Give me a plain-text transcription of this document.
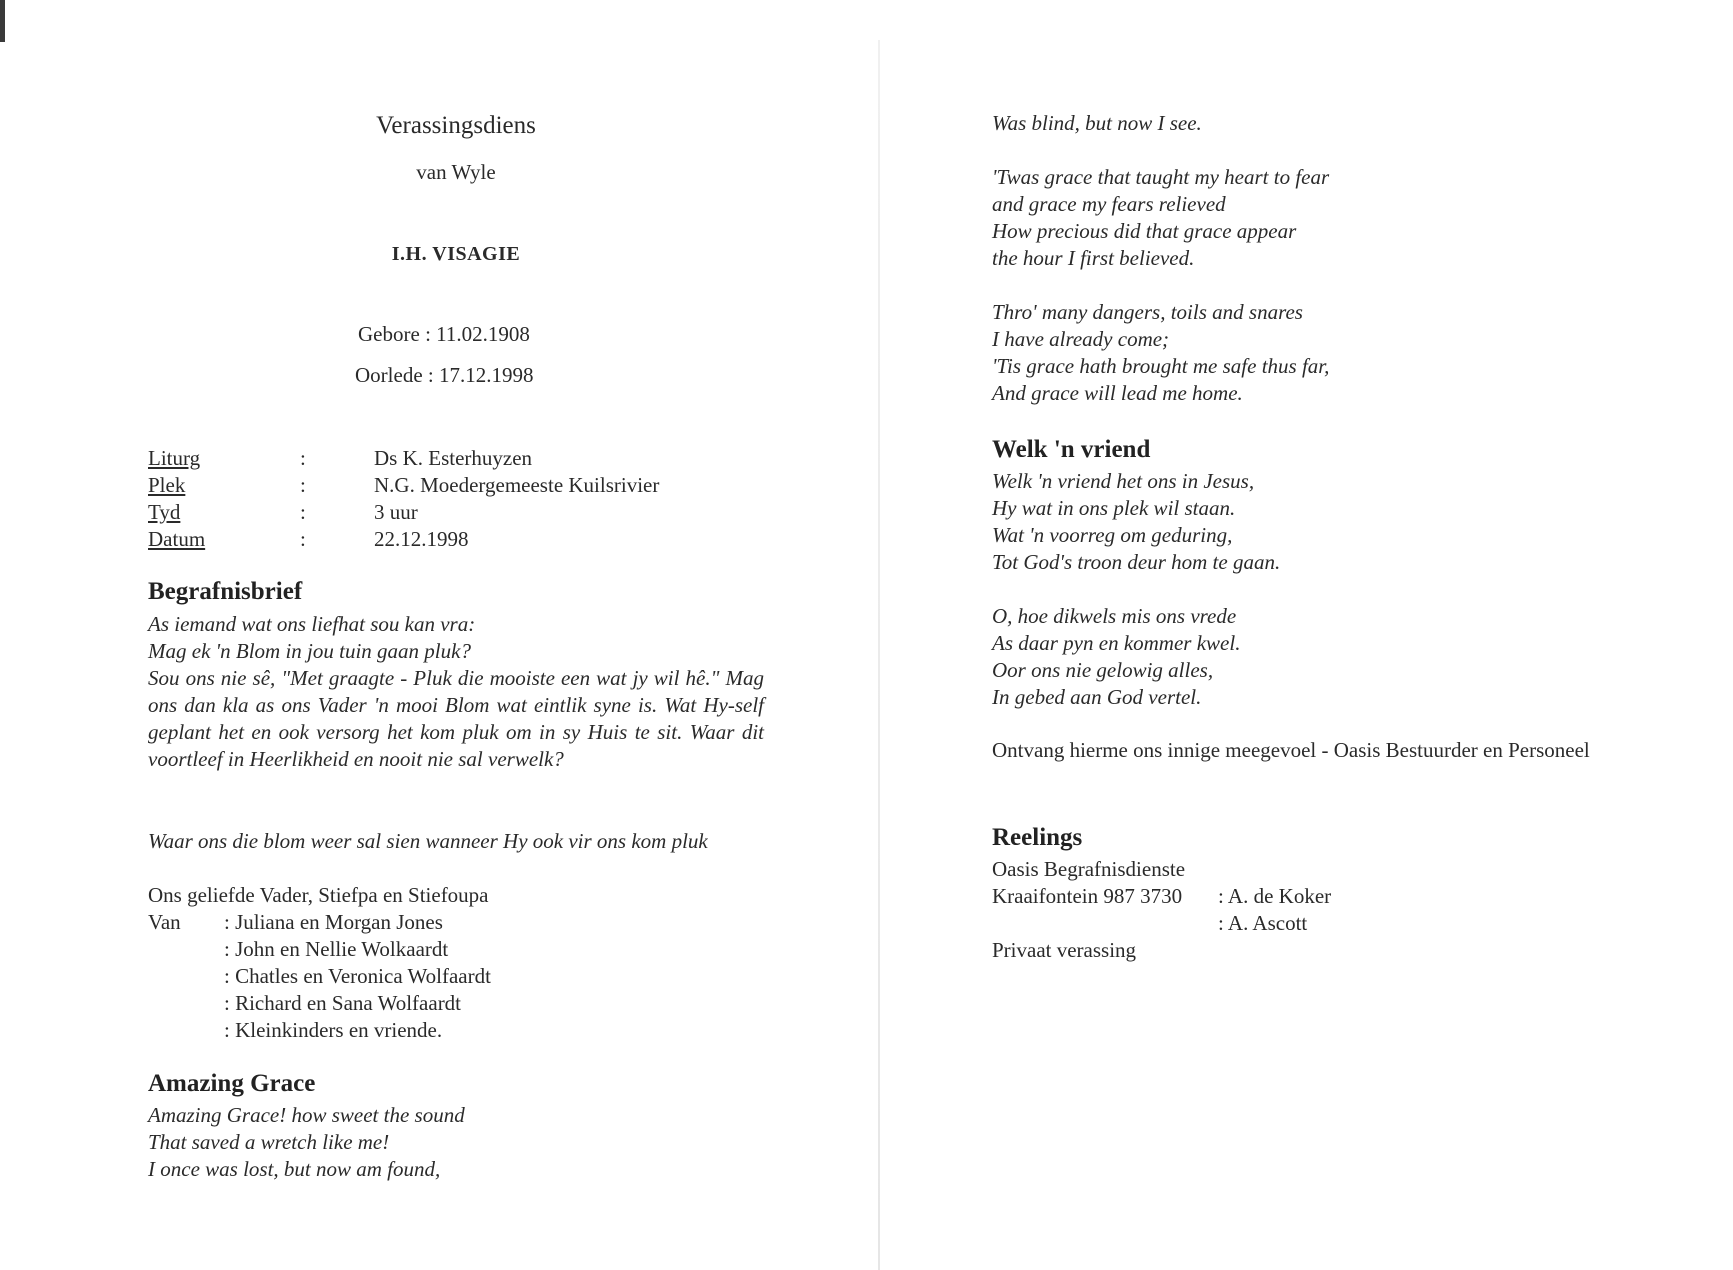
Verassingsdiens
van Wyle
I.H. VISAGIE
Gebore : 11.02.1908
Oorlede : 17.12.1998
Liturg	:	Ds K. Esterhuyzen
Plek	:	N.G. Moedergemeeste Kuilsrivier
Tyd	:	3 uur
Datum	:	22.12.1998
Begrafnisbrief
As iemand wat ons liefhat sou kan vra:
Mag ek 'n Blom in jou tuin gaan pluk?
Sou ons nie sê, "Met graagte - Pluk die mooiste een wat jy wil hê." Mag ons dan kla as ons Vader 'n mooi Blom wat eintlik syne is. Wat Hy-self geplant het en ook versorg het kom pluk om in sy Huis te sit. Waar dit voortleef in Heerlikheid en nooit nie sal verwelk?
Waar ons die blom weer sal sien wanneer Hy ook vir ons kom pluk
Ons geliefde Vader, Stiefpa en Stiefoupa
Van : Juliana en Morgan Jones
: John en Nellie Wolkaardt
: Chatles en Veronica Wolfaardt
: Richard en Sana Wolfaardt
: Kleinkinders en vriende.
Amazing Grace
Amazing Grace! how sweet the sound
That saved a wretch like me!
I once was lost, but now am found,
Was blind, but now I see.
'Twas grace that taught my heart to fear
and grace my fears relieved
How precious did that grace appear
the hour I first believed.
Thro' many dangers, toils and snares
I have already come;
'Tis grace hath brought me safe thus far,
And grace will lead me home.
Welk 'n vriend
Welk 'n vriend het ons in Jesus,
Hy wat in ons plek wil staan.
Wat 'n voorreg om geduring,
Tot God's troon deur hom te gaan.
O, hoe dikwels mis ons vrede
As daar pyn en kommer kwel.
Oor ons nie gelowig alles,
In gebed aan God vertel.
Ontvang hierme ons innige meegevoel - Oasis Bestuurder en Personeel
Reelings
Oasis Begrafnisdienste
Kraaifontein 987 3730 : A. de Koker
: A. Ascott
Privaat verassing
